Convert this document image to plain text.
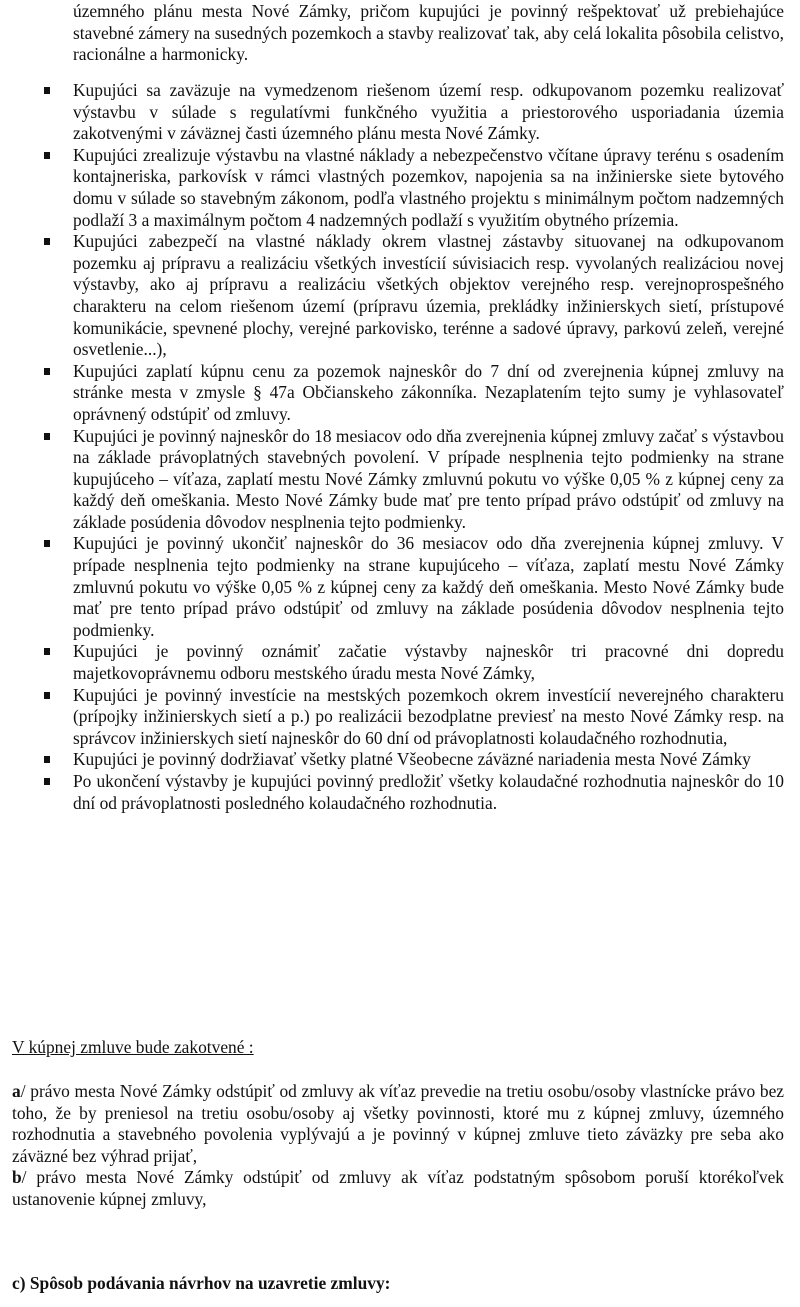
územného plánu mesta Nové Zámky, pričom kupujúci je povinný rešpektovať už prebiehajúce stavebné zámery na susedných pozemkoch a stavby realizovať tak, aby celá lokalita pôsobila celistvo, racionálne a harmonicky.
Kupujúci sa zaväzuje na vymedzenom riešenom území resp. odkupovanom pozemku realizovať výstavbu v súlade s regulatívmi funkčného využitia a priestorového usporiadania územia zakotvenými v záväznej časti územného plánu mesta Nové Zámky.
Kupujúci zrealizuje výstavbu na vlastné náklady a nebezpečenstvo včítane úpravy terénu s osadením kontajneriska, parkovísk v rámci vlastných pozemkov, napojenia sa na inžinierske siete bytového domu v súlade so stavebným zákonom, podľa vlastného projektu s minimálnym počtom nadzemných podlaží 3 a maximálnym počtom 4 nadzemných podlaží s využitím obytného prízemia.
Kupujúci zabezpečí na vlastné náklady okrem vlastnej zástavby situovanej na odkupovanom pozemku aj prípravu a realizáciu všetkých investícií súvisiacich resp. vyvolaných realizáciou novej výstavby, ako aj prípravu a realizáciu všetkých objektov verejného resp. verejnoprospešného charakteru na celom riešenom území (prípravu územia, prekládky inžinierskych sietí, prístupové komunikácie, spevnené plochy, verejné parkovisko, terénne a sadové úpravy, parkovú zeleň, verejné osvetlenie...),
Kupujúci zaplatí kúpnu cenu za pozemok najneskôr do 7 dní od zverejnenia kúpnej zmluvy na stránke mesta v zmysle § 47a Občianskeho zákonníka. Nezaplatením tejto sumy je vyhlasovateľ oprávnený odstúpiť od zmluvy.
Kupujúci je povinný najneskôr do 18 mesiacov odo dňa zverejnenia kúpnej zmluvy začať s výstavbou na základe právoplatných stavebných povolení. V prípade nesplnenia tejto podmienky na strane kupujúceho – víťaza, zaplatí mestu Nové Zámky zmluvnú pokutu vo výške 0,05 % z kúpnej ceny za každý deň omeškania. Mesto Nové Zámky bude mať pre tento prípad právo odstúpiť od zmluvy na základe posúdenia dôvodov nesplnenia tejto podmienky.
Kupujúci je povinný ukončiť najneskôr do 36 mesiacov odo dňa zverejnenia kúpnej zmluvy. V prípade nesplnenia tejto podmienky na strane kupujúceho – víťaza, zaplatí mestu Nové Zámky zmluvnú pokutu vo výške 0,05 % z kúpnej ceny za každý deň omeškania. Mesto Nové Zámky bude mať pre tento prípad právo odstúpiť od zmluvy na základe posúdenia dôvodov nesplnenia tejto podmienky.
Kupujúci je povinný oznámiť začatie výstavby najneskôr tri pracovné dni dopredu majetkovoprávnemu odboru mestského úradu mesta Nové Zámky,
Kupujúci je povinný investície na mestských pozemkoch okrem investícií neverejného charakteru (prípojky inžinierskych sietí a p.) po realizácii bezodplatne previesť na mesto Nové Zámky resp. na správcov inžinierskych sietí najneskôr do 60 dní od právoplatnosti kolaudačného rozhodnutia,
Kupujúci je povinný dodržiavať všetky platné Všeobecne záväzné nariadenia mesta Nové Zámky
Po ukončení výstavby je kupujúci povinný predložiť všetky kolaudačné rozhodnutia najneskôr do 10 dní od právoplatnosti posledného kolaudačného rozhodnutia.
V kúpnej zmluve bude zakotvené :

a/ právo mesta Nové Zámky odstúpiť od zmluvy ak víťaz prevedie na tretiu osobu/osoby vlastnícke právo bez toho, že by preniesol na tretiu osobu/osoby aj všetky povinnosti, ktoré mu z kúpnej zmluvy, územného rozhodnutia a stavebného povolenia vyplývajú a je povinný v kúpnej zmluve tieto záväzky pre seba ako záväzné bez výhrad prijať,

b/ právo mesta Nové Zámky odstúpiť od zmluvy ak víťaz podstatným spôsobom poruší ktorékoľvek ustanovenie kúpnej zmluvy,

c) Spôsob podávania návrhov na uzavretie zmluvy:
